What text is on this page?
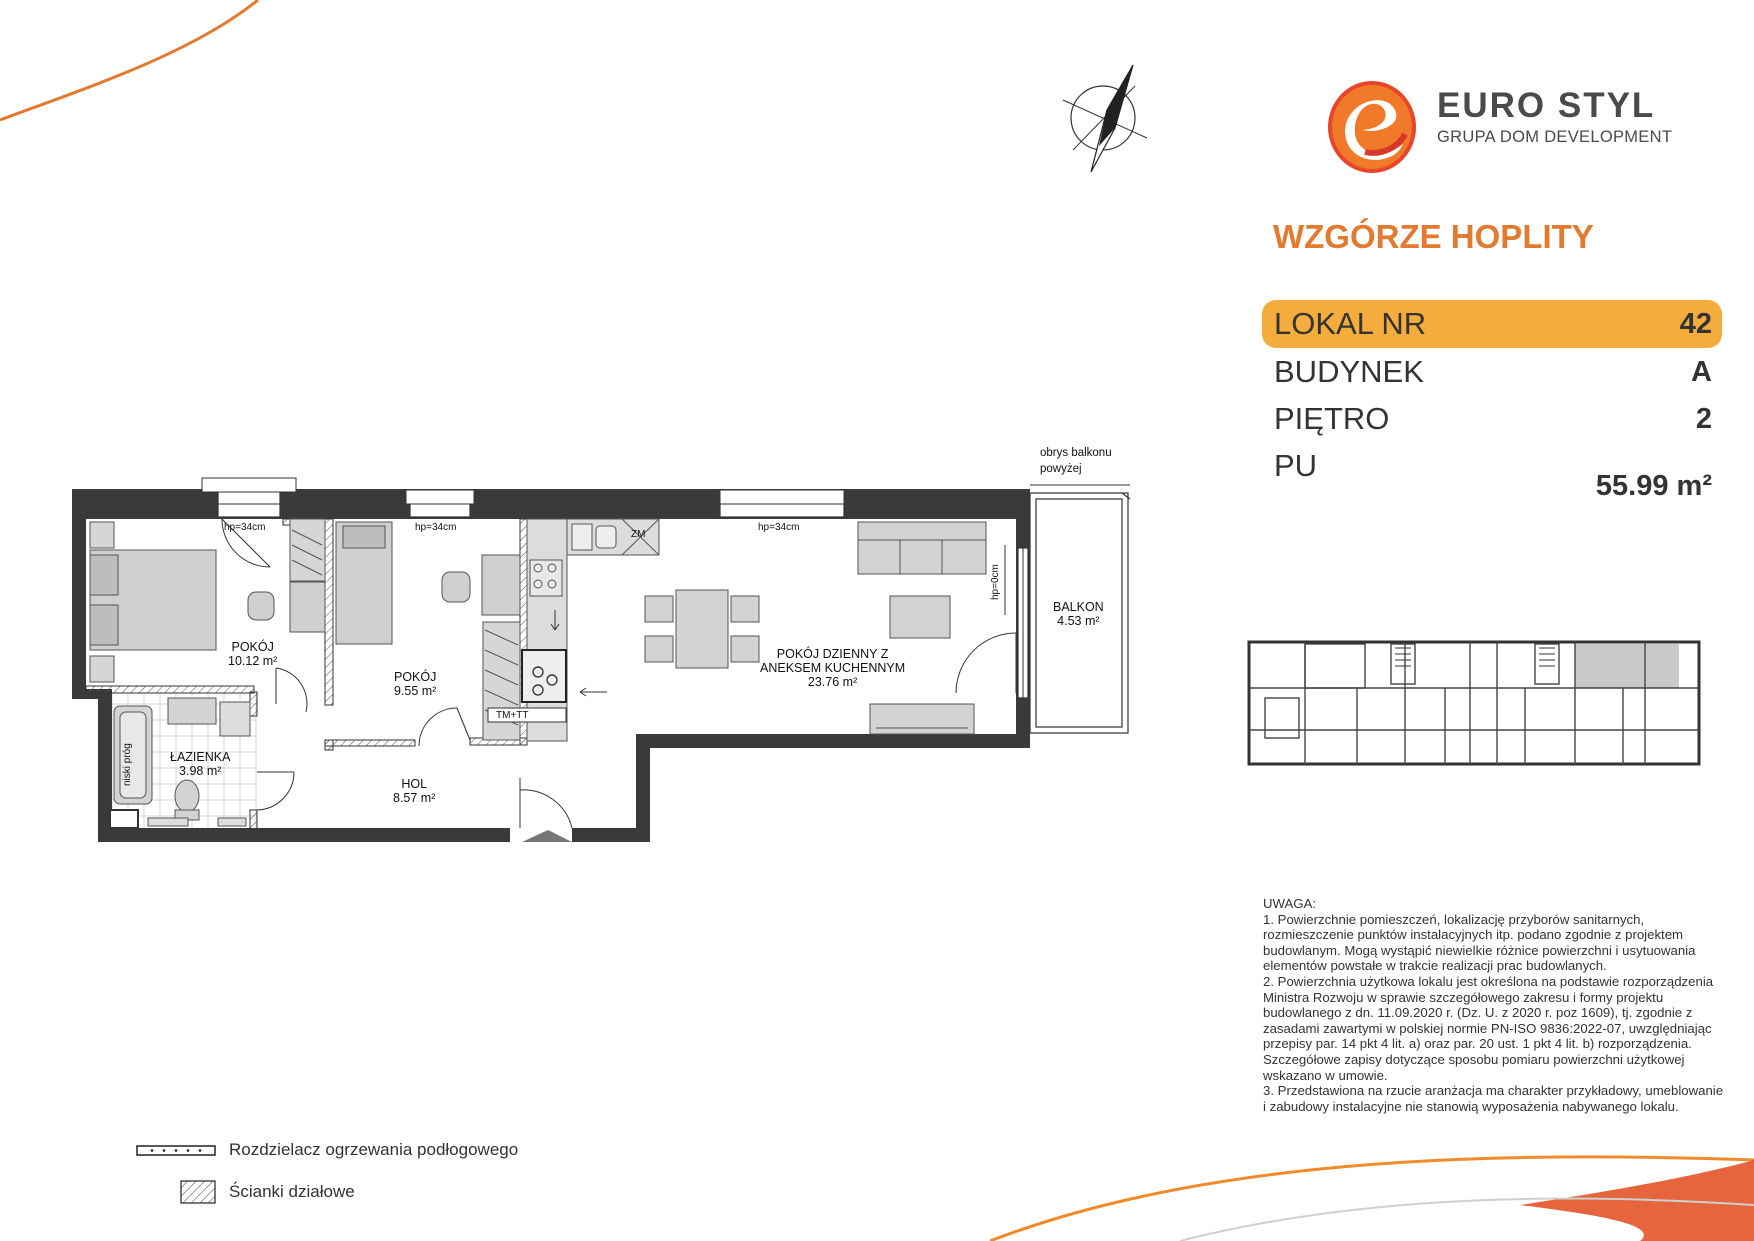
EURO STYL
GRUPA DOM DEVELOPMENT
WZGÓRZE HOPLITY
LOKAL NR	42
BUDYNEK	A
PIĘTRO	2
PU
55.99 m²
POKÓJ
10.12 m²
POKÓJ
9.55 m²
POKÓJ DZIENNY Z
ANEKSEM KUCHENNYM
23.76 m²
ŁAZIENKA
3.98 m²
HOL
8.57 m²
BALKON
4.53 m²
hp=34cm	hp=34cm	hp=34cm
hp=0cm
ZM
TM+TT
niski próg
obrys balkonu
powyżej

UWAGA:

1. Powierzchnie pomieszczeń, lokalizację przyborów sanitarnych, rozmieszczenie punktów instalacyjnych itp. podano zgodnie z projektem budowlanym. Mogą wystąpić niewielkie różnice powierzchni i usytuowania elementów powstałe w trakcie realizacji prac budowlanych.

2. Powierzchnia użytkowa lokalu jest określona na podstawie rozporządzenia Ministra Rozwoju w sprawie szczegółowego zakresu i formy projektu budowlanego z dn. 11.09.2020 r. (Dz. U. z 2020 r. poz 1609), tj. zgodnie z zasadami zawartymi w polskiej normie PN-ISO 9836:2022-07, uwzględniając przepisy par. 14 pkt 4 lit. a) oraz par. 20 ust. 1 pkt 4 lit. b) rozporządzenia. Szczegółowe zapisy dotyczące sposobu pomiaru powierzchni użytkowej wskazano w umowie.

3. Przedstawiona na rzucie aranżacja ma charakter przykładowy, umeblowanie i zabudowy instalacyjne nie stanowią wyposażenia nabywanego lokalu.

Rozdzielacz ogrzewania podłogowego
Ścianki działowe
